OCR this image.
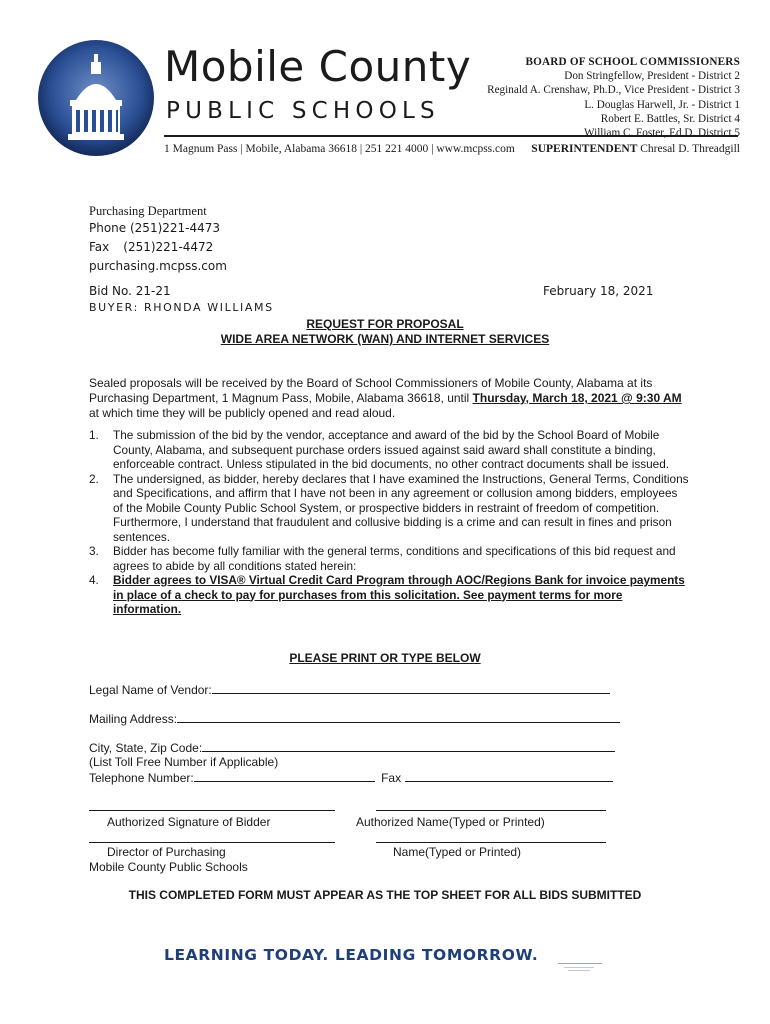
Mobile County
PUBLIC SCHOOLS
1 Magnum Pass | Mobile, Alabama 36618 | 251 221 4000 | www.mcpss.com
BOARD OF SCHOOL COMMISSIONERS
Don Stringfellow, President - District 2
Reginald A. Crenshaw, Ph.D., Vice President - District 3
L. Douglas Harwell, Jr. - District 1
Robert E. Battles, Sr. District 4
William C. Foster, Ed.D. District 5
SUPERINTENDENT Chresal D. Threadgill
Purchasing Department
Phone (251)221-4473
Fax (251)221-4472
purchasing.mcpss.com
Bid No. 21-21	February 18, 2021
BUYER: RHONDA WILLIAMS
REQUEST FOR PROPOSAL
WIDE AREA NETWORK (WAN) AND INTERNET SERVICES
Sealed proposals will be received by the Board of School Commissioners of Mobile County, Alabama at its Purchasing Department, 1 Magnum Pass, Mobile, Alabama 36618, until Thursday, March 18, 2021 @ 9:30 AM at which time they will be publicly opened and read aloud.
1. The submission of the bid by the vendor, acceptance and award of the bid by the School Board of Mobile County, Alabama, and subsequent purchase orders issued against said award shall constitute a binding, enforceable contract. Unless stipulated in the bid documents, no other contract documents shall be issued.
2. The undersigned, as bidder, hereby declares that I have examined the Instructions, General Terms, Conditions and Specifications, and affirm that I have not been in any agreement or collusion among bidders, employees of the Mobile County Public School System, or prospective bidders in restraint of freedom of competition. Furthermore, I understand that fraudulent and collusive bidding is a crime and can result in fines and prison sentences.
3. Bidder has become fully familiar with the general terms, conditions and specifications of this bid request and agrees to abide by all conditions stated herein:
4. Bidder agrees to VISA® Virtual Credit Card Program through AOC/Regions Bank for invoice payments in place of a check to pay for purchases from this solicitation. See payment terms for more information.
PLEASE PRINT OR TYPE BELOW
Legal Name of Vendor:
Mailing Address:
City, State, Zip Code:
(List Toll Free Number if Applicable)
Telephone Number:	Fax
Authorized Signature of Bidder	Authorized Name(Typed or Printed)
Director of Purchasing
Mobile County Public Schools
Name(Typed or Printed)
THIS COMPLETED FORM MUST APPEAR AS THE TOP SHEET FOR ALL BIDS SUBMITTED
LEARNING TODAY. LEADING TOMORROW.
